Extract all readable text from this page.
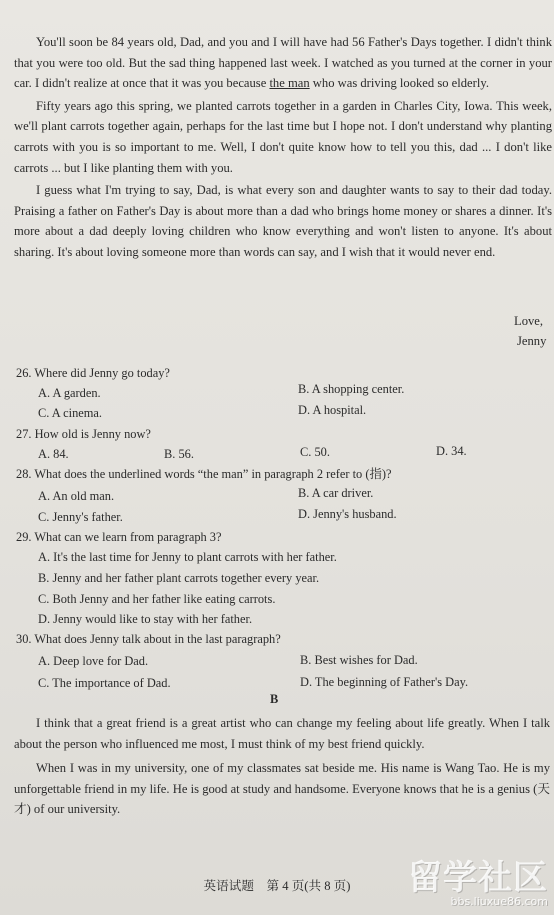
You'll soon be 84 years old, Dad, and you and I will have had 56 Father's Days together. I didn't think that you were too old. But the sad thing happened last week. I watched as you turned at the corner in your car. I didn't realize at once that it was you because the man who was driving looked so elderly.

Fifty years ago this spring, we planted carrots together in a garden in Charles City, Iowa. This week, we'll plant carrots together again, perhaps for the last time but I hope not. I don't understand why planting carrots with you is so important to me. Well, I don't quite know how to tell you this, dad ... I don't like carrots ... but I like planting them with you.

I guess what I'm trying to say, Dad, is what every son and daughter wants to say to their dad today. Praising a father on Father's Day is about more than a dad who brings home money or shares a dinner. It's more about a dad deeply loving children who know everything and won't listen to anyone. It's about sharing. It's about loving someone more than words can say, and I wish that it would never end.

Love,
Jenny
26. Where did Jenny go today?
A. A garden.	B. A shopping center.
C. A cinema.	D. A hospital.
27. How old is Jenny now?
A. 84.	B. 56.	C. 50.	D. 34.
28. What does the underlined words “the man” in paragraph 2 refer to (指)?
A. An old man.	B. A car driver.
C. Jenny's father.	D. Jenny's husband.
29. What can we learn from paragraph 3?
A. It's the last time for Jenny to plant carrots with her father.
B. Jenny and her father plant carrots together every year.
C. Both Jenny and her father like eating carrots.
D. Jenny would like to stay with her father.
30. What does Jenny talk about in the last paragraph?
A. Deep love for Dad.	B. Best wishes for Dad.
C. The importance of Dad.	D. The beginning of Father's Day.
B

I think that a great friend is a great artist who can change my feeling about life greatly. When I talk about the person who influenced me most, I must think of my best friend quickly.

When I was in my university, one of my classmates sat beside me. His name is Wang Tao. He is my unforgettable friend in my life. He is good at study and handsome. Everyone knows that he is a genius (天才) of our university.

英语试题　第 4 页(共 8 页)	留学社区
bbs.liuxue86.com
